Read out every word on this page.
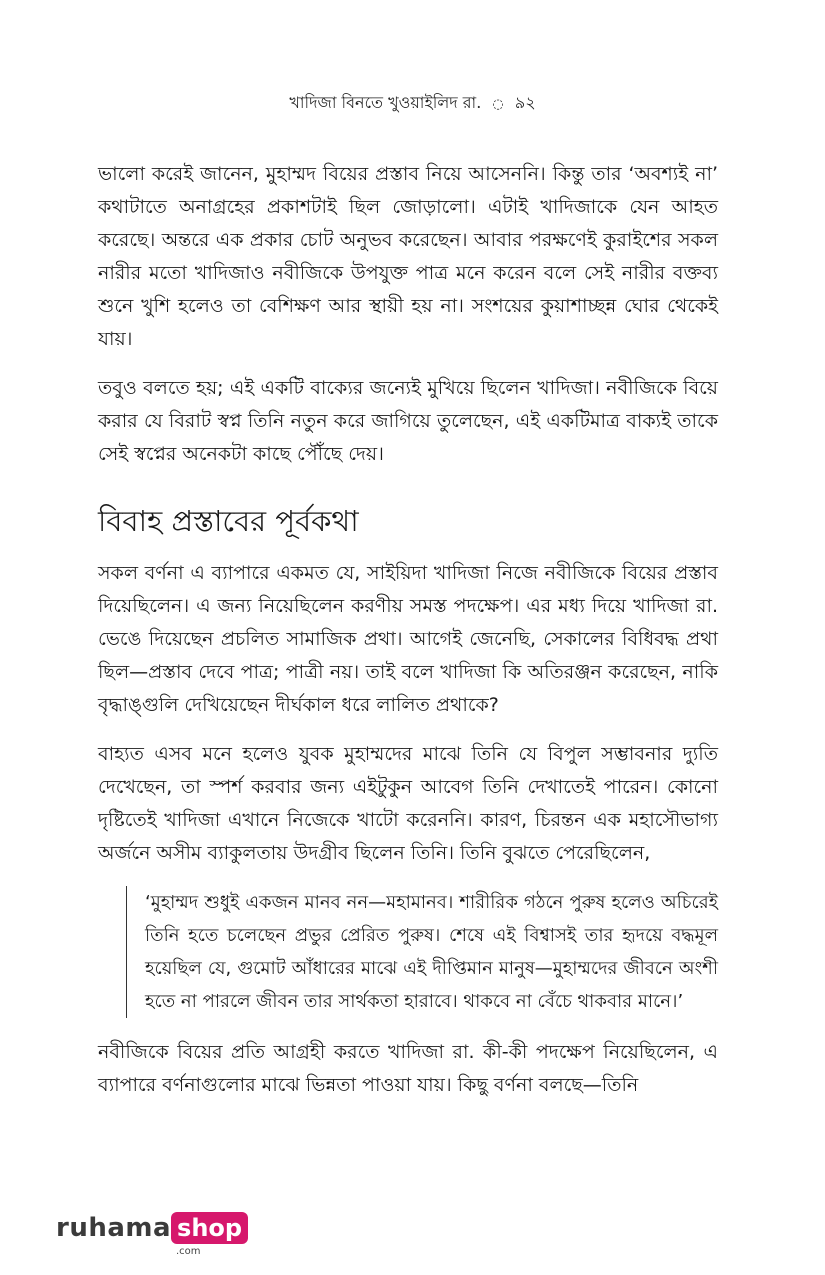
খাদিজা বিনতে খুওয়াইলিদ রা. ◌ ৯২

ভালো করেই জানেন, মুহাম্মদ বিয়ের প্রস্তাব নিয়ে আসেননি। কিন্তু তার ‘অবশ্যই না’ কথাটাতে অনাগ্রহের প্রকাশটাই ছিল জোড়ালো। এটাই খাদিজাকে যেন আহত করেছে। অন্তরে এক প্রকার চোট অনুভব করেছেন। আবার পরক্ষণেই কুরাইশের সকল নারীর মতো খাদিজাও নবীজিকে উপযুক্ত পাত্র মনে করেন বলে সেই নারীর বক্তব্য শুনে খুশি হলেও তা বেশিক্ষণ আর স্থায়ী হয় না। সংশয়ের কুয়াশাচ্ছন্ন ঘোর থেকেই যায়।

তবুও বলতে হয়; এই একটি বাক্যের জন্যেই মুখিয়ে ছিলেন খাদিজা। নবীজিকে বিয়ে করার যে বিরাট স্বপ্ন তিনি নতুন করে জাগিয়ে তুলেছেন, এই একটিমাত্র বাক্যই তাকে সেই স্বপ্নের অনেকটা কাছে পৌঁছে দেয়।

বিবাহ প্রস্তাবের পূর্বকথা

সকল বর্ণনা এ ব্যাপারে একমত যে, সাইয়িদা খাদিজা নিজে নবীজিকে বিয়ের প্রস্তাব দিয়েছিলেন। এ জন্য নিয়েছিলেন করণীয় সমস্ত পদক্ষেপ। এর মধ্য দিয়ে খাদিজা রা. ভেঙে দিয়েছেন প্রচলিত সামাজিক প্রথা। আগেই জেনেছি, সেকালের বিধিবদ্ধ প্রথা ছিল—প্রস্তাব দেবে পাত্র; পাত্রী নয়। তাই বলে খাদিজা কি অতিরঞ্জন করেছেন, নাকি বৃদ্ধাঙ্গুলি দেখিয়েছেন দীর্ঘকাল ধরে লালিত প্রথাকে?

বাহ্যত এসব মনে হলেও যুবক মুহাম্মদের মাঝে তিনি যে বিপুল সম্ভাবনার দ্যুতি দেখেছেন, তা স্পর্শ করবার জন্য এইটুকুন আবেগ তিনি দেখাতেই পারেন। কোনো দৃষ্টিতেই খাদিজা এখানে নিজেকে খাটো করেননি। কারণ, চিরন্তন এক মহাসৌভাগ্য অর্জনে অসীম ব্যাকুলতায় উদগ্রীব ছিলেন তিনি। তিনি বুঝতে পেরেছিলেন,

‘মুহাম্মদ শুধুই একজন মানব নন—মহামানব। শারীরিক গঠনে পুরুষ হলেও অচিরেই তিনি হতে চলেছেন প্রভুর প্রেরিত পুরুষ। শেষে এই বিশ্বাসই তার হৃদয়ে বদ্ধমূল হয়েছিল যে, গুমোট আঁধারের মাঝে এই দীপ্তিমান মানুষ—মুহাম্মদের জীবনে অংশী হতে না পারলে জীবন তার সার্থকতা হারাবে। থাকবে না বেঁচে থাকবার মানে।’

নবীজিকে বিয়ের প্রতি আগ্রহী করতে খাদিজা রা. কী-কী পদক্ষেপ নিয়েছিলেন, এ ব্যাপারে বর্ণনাগুলোর মাঝে ভিন্নতা পাওয়া যায়। কিছু বর্ণনা বলছে—তিনি

ruhama shop
.com
